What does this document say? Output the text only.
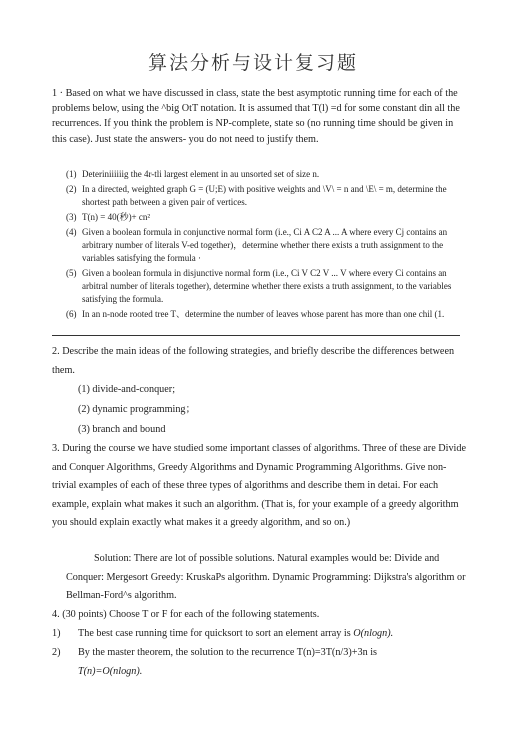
算法分析与设计复习题
1 · Based on what we have discussed in class, state the best asymptotic running time for each of the problems below, using the ^big OtT notation. It is assumed that T(l) =d for some constant din all the recurrences. If you think the problem is NP-complete, state so (no running time should be given in this case). Just state the answers- you do not need to justify them.
(1) Deteriniiiiiig the 4r-tli largest element in au unsorted set of size n.
(2) In a directed, weighted graph G = (U;E) with positive weights and \V\ = n and \E\ = m, determine the shortest path between a given pair of vertices.
(3) T(n) = 40(秒)+ cn²
(4) Given a boolean formula in conjunctive normal form (i.e., Ci A C2 A ... A where every Cj contains an arbitrary number of literals V-ed together)，determine whether there exists a truth assignment to the variables satisfying the formula ·
(5) Given a boolean formula in disjunctive normal form (i.e., Ci V C2 V ... V where every Ci contains an arbitral number of literals together), determine whether there exists a truth assignment, to the variables satisfying the formula.
(6) In an n-node rooted tree T、determine the number of leaves whose parent has more than one chil (1.
2. Describe the main ideas of the following strategies, and briefly describe the differences between them.
(1) divide-and-conquer;
(2) dynamic programming；
(3) branch and bound
3. During the course we have studied some important classes of algorithms. Three of these are Divide and Conquer Algorithms, Greedy Algorithms and Dynamic Programming Algorithms. Give non-trivial examples of each of these three types of algorithms and describe them in detai. For each example, explain what makes it such an algorithm. (That is, for your example of a greedy algorithm you should explain exactly what makes it a greedy algorithm, and so on.)
Solution: There are lot of possible solutions. Natural examples would be: Divide and Conquer: Mergesort Greedy: KruskaPs algorithm. Dynamic Programming: Dijkstra's algorithm or Bellman-Ford^s algorithm.
4. (30 points) Choose T or F for each of the following statements.
1)	The best case running time for quicksort to sort an element array is O(nlogn).
2)	By the master theorem, the solution to the recurrence T(n)=3T(n/3)+3n is
T(n)=O(nlogn).
